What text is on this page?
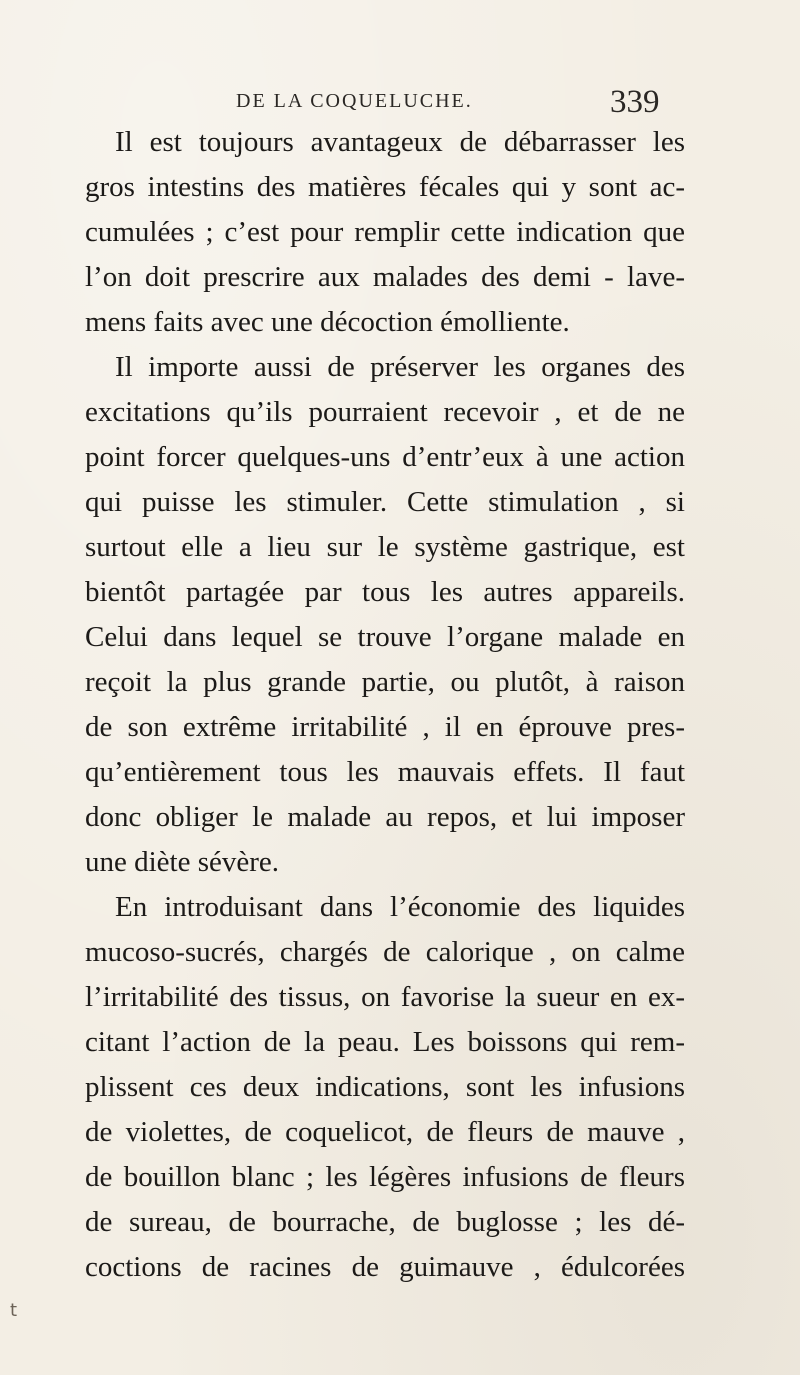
DE LA COQUELUCHE.	339
Il est toujours avantageux de débarrasser les
gros intestins des matières fécales qui y sont ac-
cumulées ; c’est pour remplir cette indication que
l’on doit prescrire aux malades des demi - lave-
mens faits avec une décoction émolliente.
Il importe aussi de préserver les organes des
excitations qu’ils pourraient recevoir , et de ne
point forcer quelques-uns d’entr’eux à une action
qui puisse les stimuler. Cette stimulation , si
surtout elle a lieu sur le système gastrique, est
bientôt partagée par tous les autres appareils.
Celui dans lequel se trouve l’organe malade en
reçoit la plus grande partie, ou plutôt, à raison
de son extrême irritabilité , il en éprouve pres-
qu’entièrement tous les mauvais effets. Il faut
donc obliger le malade au repos, et lui imposer
une diète sévère.
En introduisant dans l’économie des liquides
mucoso-sucrés, chargés de calorique , on calme
l’irritabilité des tissus, on favorise la sueur en ex-
citant l’action de la peau. Les boissons qui rem-
plissent ces deux indications, sont les infusions
de violettes, de coquelicot, de fleurs de mauve ,
de bouillon blanc ; les légères infusions de fleurs
de sureau, de bourrache, de buglosse ; les dé-
coctions de racines de guimauve , édulcorées
t
